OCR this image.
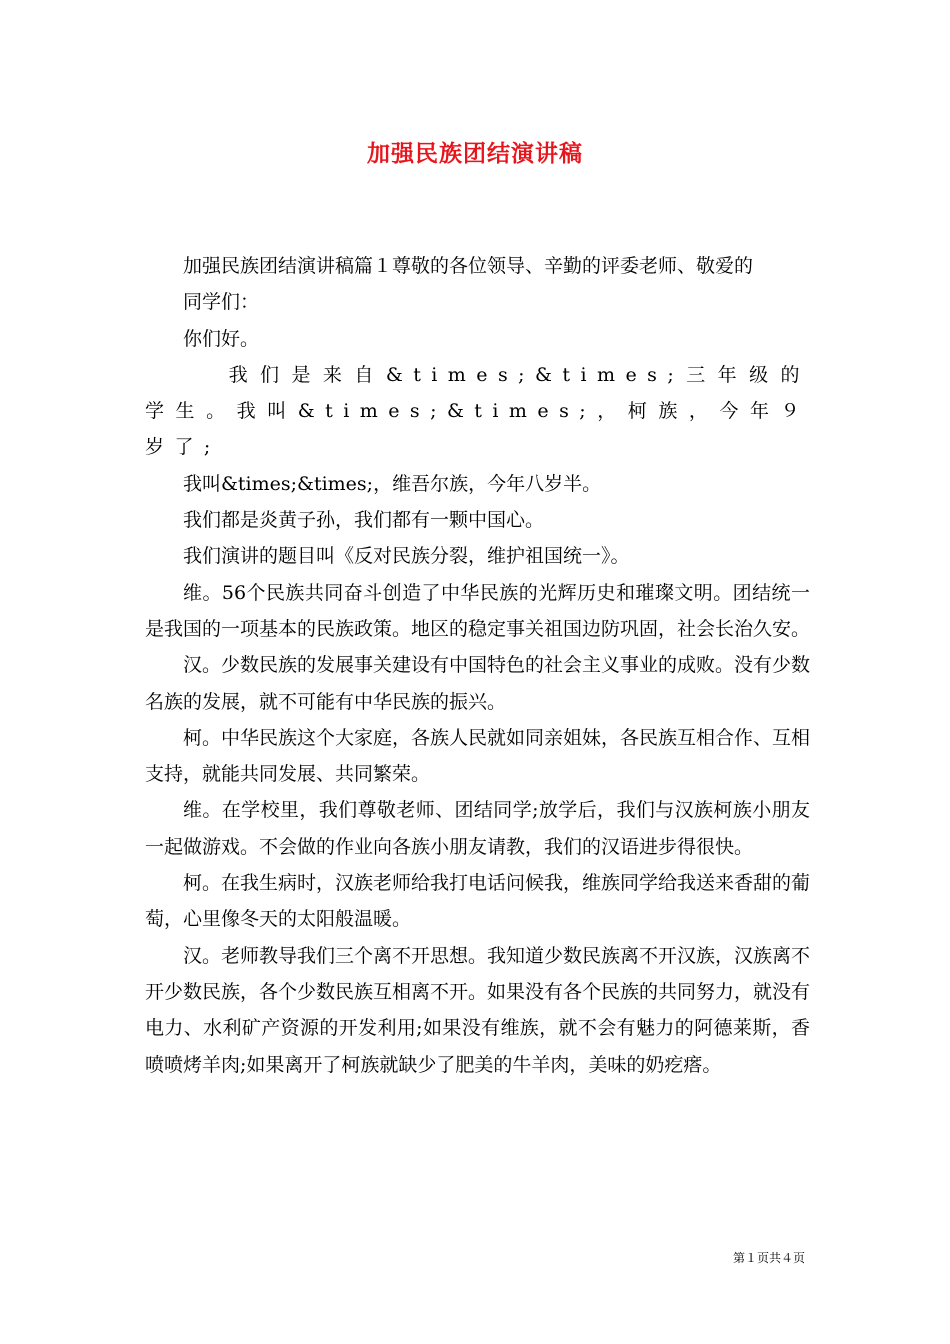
加强民族团结演讲稿

加强民族团结演讲稿篇１尊敬的各位领导、辛勤的评委老师、敬爱的

同学们：

你们好。

我们是来自&times;&times;三年级的学生。我叫&times;&times;，柯族，今年９岁了;

我叫&times;&times;，维吾尔族，今年八岁半。

我们都是炎黄子孙，我们都有一颗中国心。

我们演讲的题目叫《反对民族分裂，维护祖国统一》。

维。56个民族共同奋斗创造了中华民族的光辉历史和璀璨文明。团结统一是我国的一项基本的民族政策。地区的稳定事关祖国边防巩固，社会长治久安。

汉。少数民族的发展事关建设有中国特色的社会主义事业的成败。没有少数名族的发展，就不可能有中华民族的振兴。

柯。中华民族这个大家庭，各族人民就如同亲姐妹，各民族互相合作、互相支持，就能共同发展、共同繁荣。

维。在学校里，我们尊敬老师、团结同学;放学后，我们与汉族柯族小朋友一起做游戏。不会做的作业向各族小朋友请教，我们的汉语进步得很快。

柯。在我生病时，汉族老师给我打电话问候我，维族同学给我送来香甜的葡萄，心里像冬天的太阳般温暖。

汉。老师教导我们三个离不开思想。我知道少数民族离不开汉族，汉族离不开少数民族，各个少数民族互相离不开。如果没有各个民族的共同努力，就没有电力、水利矿产资源的开发利用;如果没有维族，就不会有魅力的阿德莱斯，香喷喷烤羊肉;如果离开了柯族就缺少了肥美的牛羊肉，美味的奶疙瘩。

第１页共４页
